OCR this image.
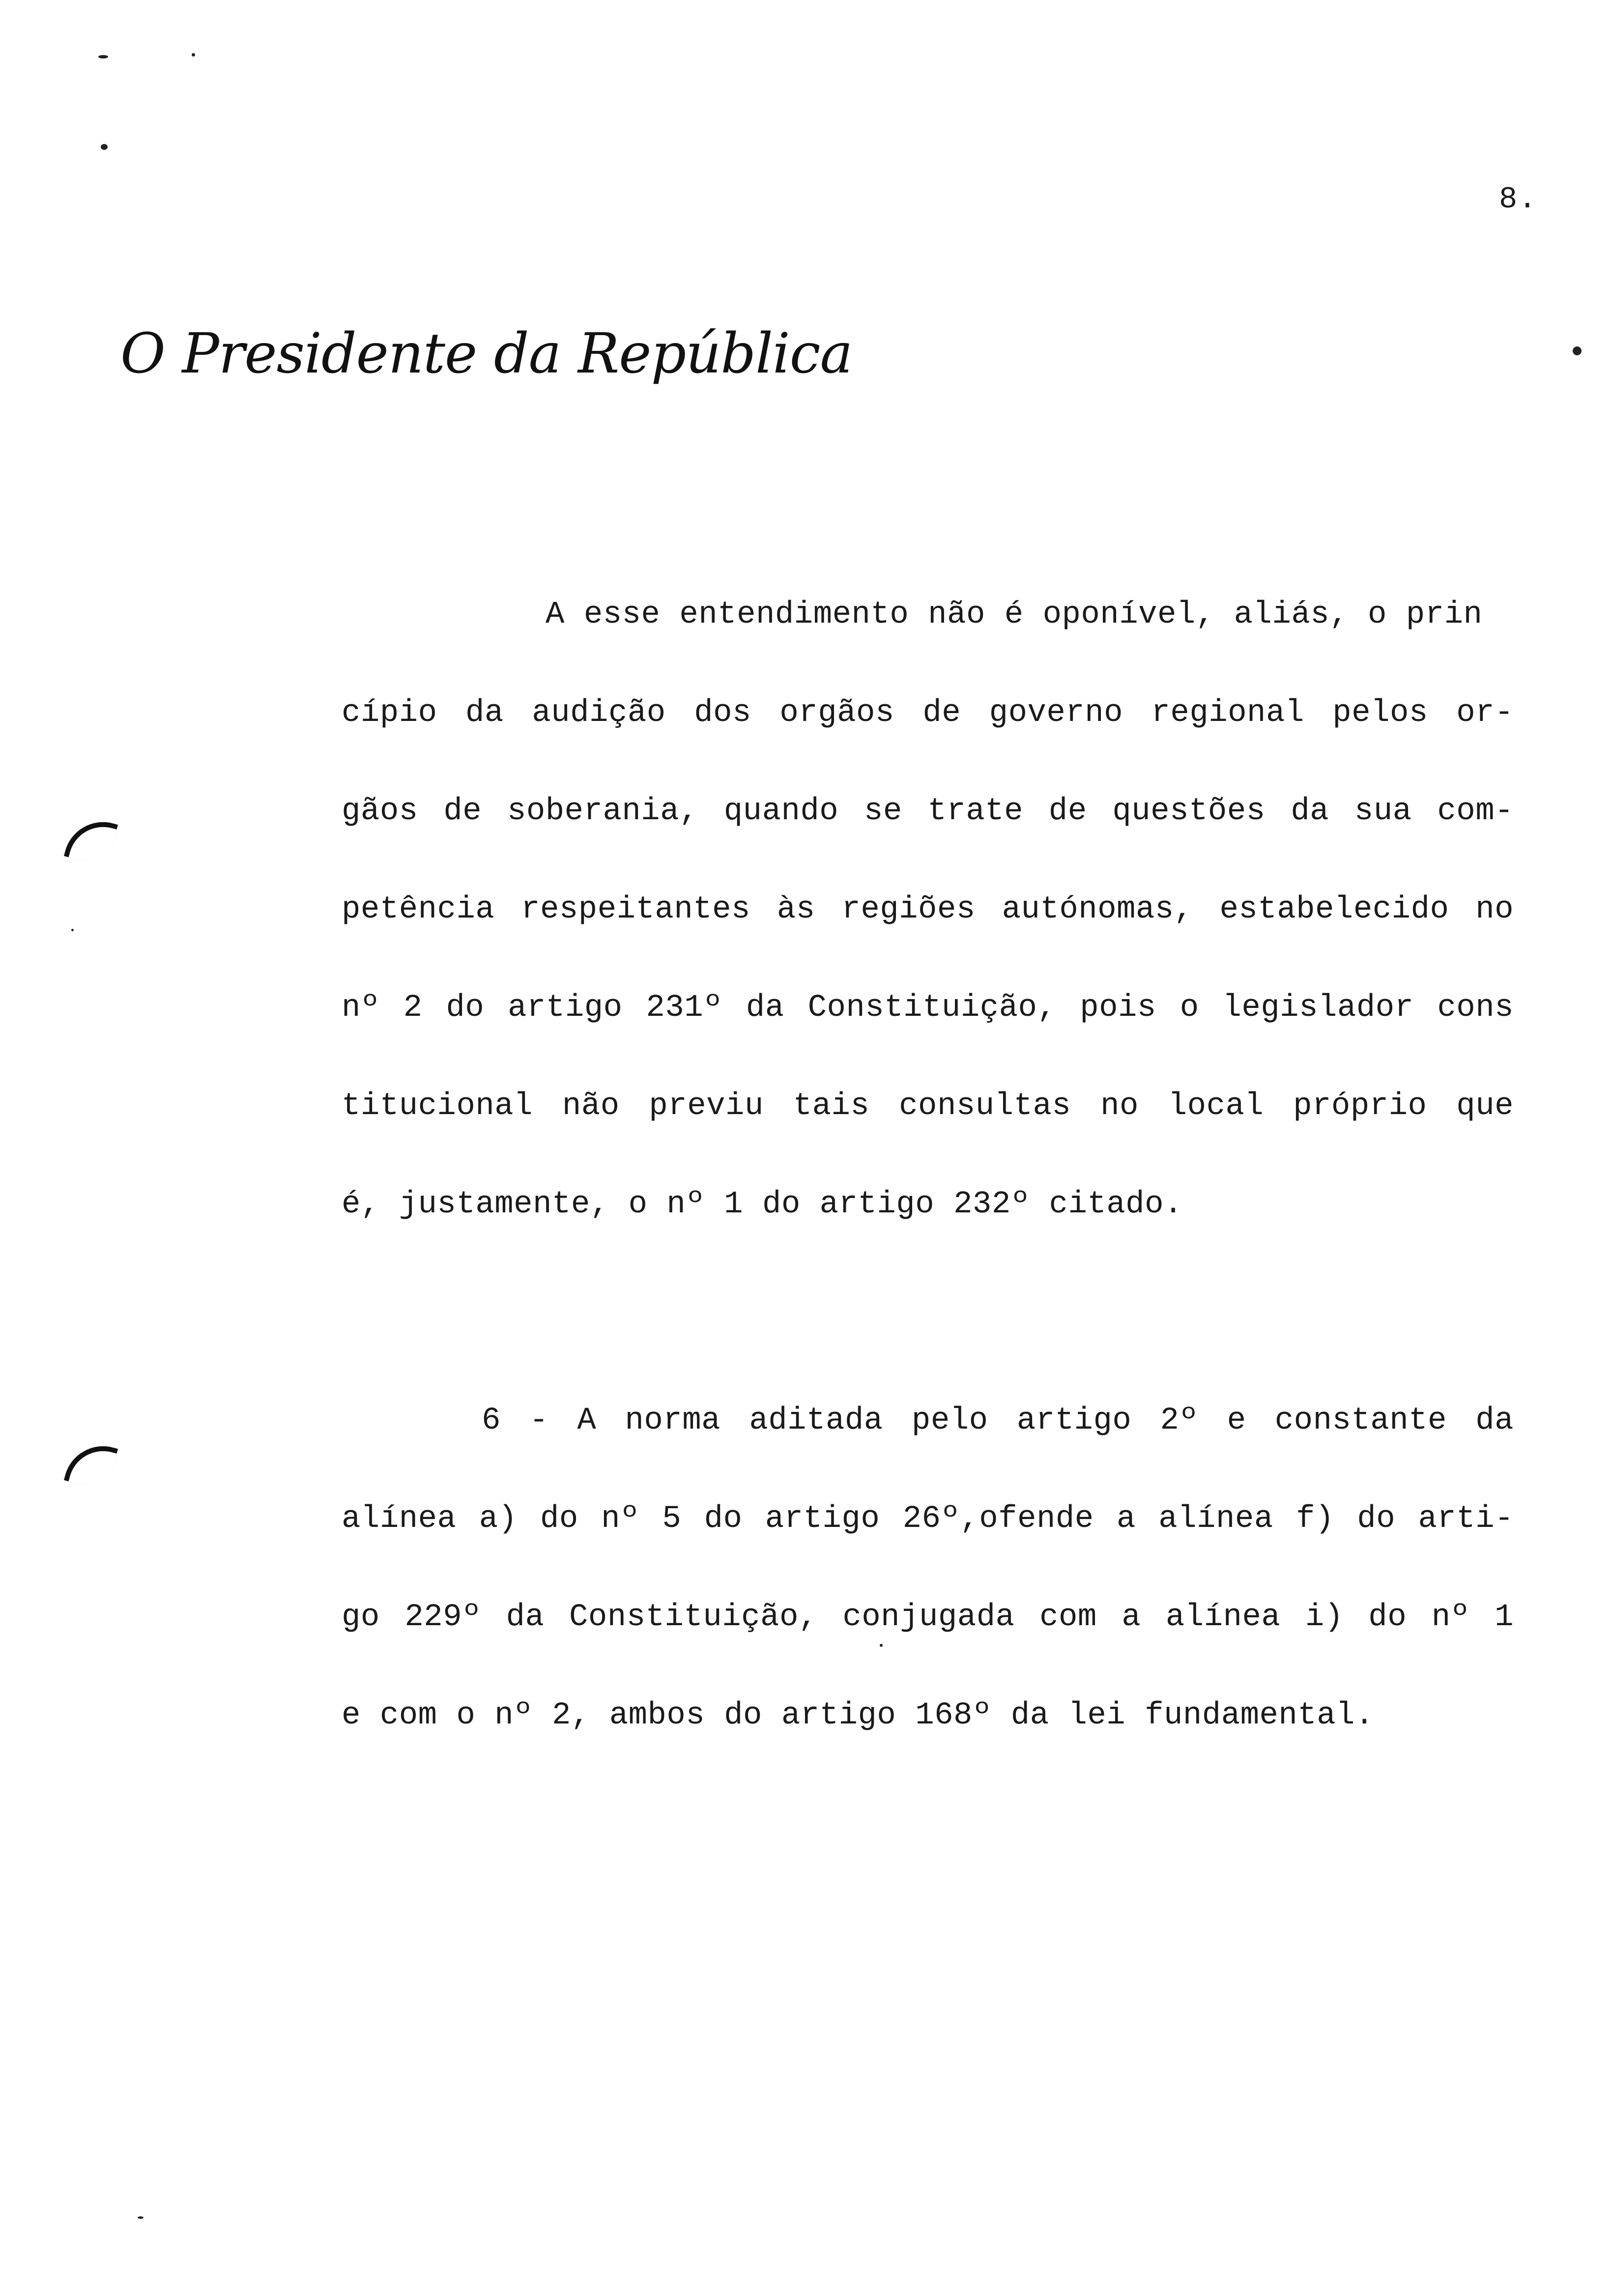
8.
O Presidente da República
A esse entendimento não é oponível, aliás, o prin
cípio da audição dos orgãos de governo regional pelos or-
gãos de soberania, quando se trate de questões da sua com-
petência respeitantes às regiões autónomas, estabelecido no
nº 2 do artigo 231º da Constituição, pois o legislador cons
titucional não previu tais consultas no local próprio que
é, justamente, o nº 1 do artigo 232º citado.
6 - A norma aditada pelo artigo 2º e constante da
alínea a) do nº 5 do artigo 26º,ofende a alínea f) do arti-
go 229º da Constituição, conjugada com a alínea i) do nº 1
e com o nº 2, ambos do artigo 168º da lei fundamental.
